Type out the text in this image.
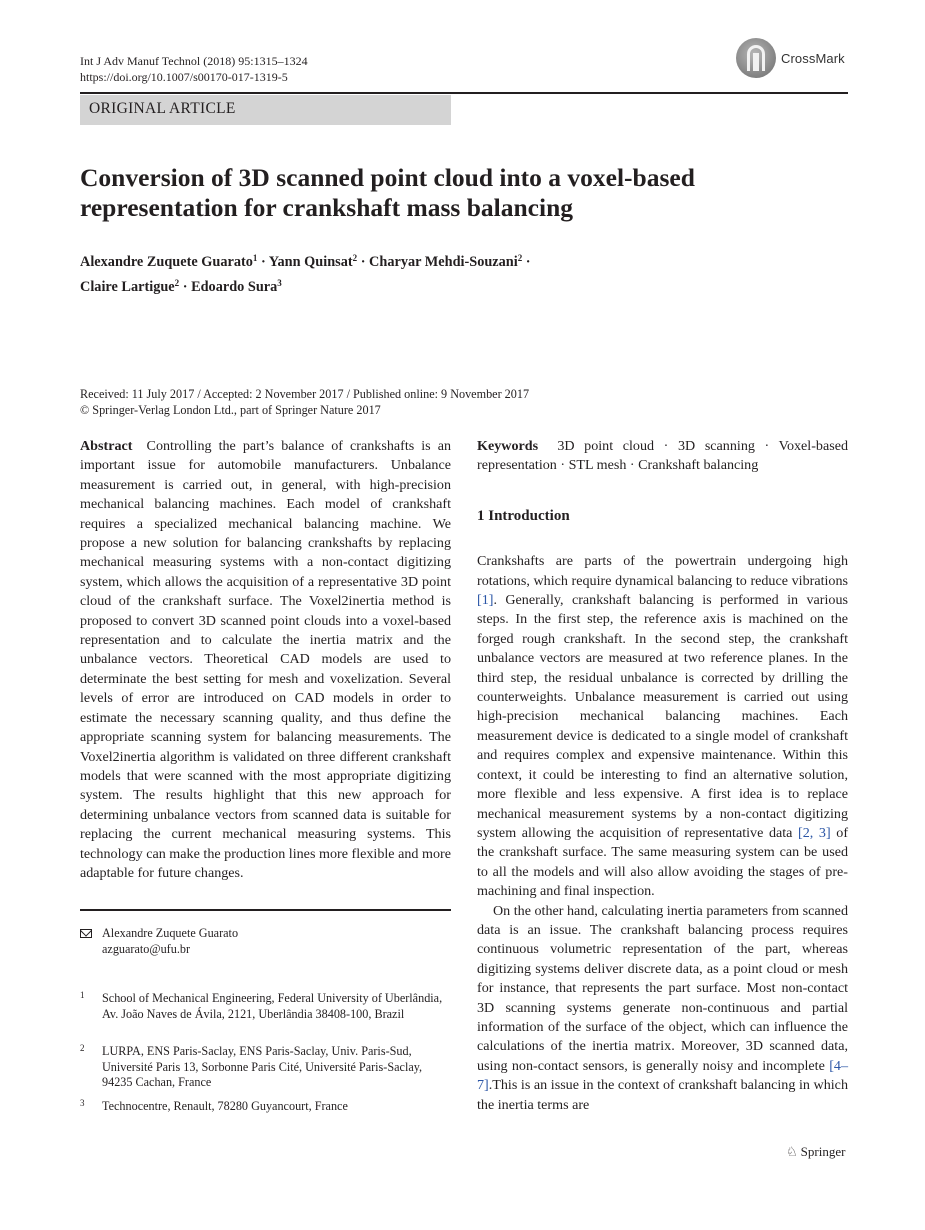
Int J Adv Manuf Technol (2018) 95:1315–1324
https://doi.org/10.1007/s00170-017-1319-5
CrossMark
ORIGINAL ARTICLE
Conversion of 3D scanned point cloud into a voxel-based representation for crankshaft mass balancing
Alexandre Zuquete Guarato$^1$ · Yann Quinsat$^2$ · Charyar Mehdi-Souzani$^2$ ·
Claire Lartigue$^2$ · Edoardo Sura$^3$
Received: 11 July 2017 / Accepted: 2 November 2017 / Published online: 9 November 2017
© Springer-Verlag London Ltd., part of Springer Nature 2017

Abstract Controlling the part’s balance of crankshafts is an important issue for automobile manufacturers. Unbalance measurement is carried out, in general, with high-precision mechanical balancing machines. Each model of crankshaft requires a specialized mechanical balancing machine. We propose a new solution for balancing crankshafts by replacing mechanical measuring systems with a non-contact digitizing system, which allows the acquisition of a representative 3D point cloud of the crankshaft surface. The Voxel2inertia method is proposed to convert 3D scanned point clouds into a voxel-based representation and to calculate the inertia matrix and the unbalance vectors. Theoretical CAD models are used to determinate the best setting for mesh and voxelization. Several levels of error are introduced on CAD models in order to estimate the necessary scanning quality, and thus define the appropriate scanning system for balancing measurements. The Voxel2inertia algorithm is validated on three different crankshaft models that were scanned with the most appropriate digitizing system. The results highlight that this new approach for determining unbalance vectors from scanned data is suitable for replacing the current mechanical measuring systems. This technology can make the production lines more flexible and more adaptable for future changes.

Keywords 3D point cloud · 3D scanning · Voxel-based representation · STL mesh · Crankshaft balancing
1 Introduction

Crankshafts are parts of the powertrain undergoing high rotations, which require dynamical balancing to reduce vibrations [1]. Generally, crankshaft balancing is performed in various steps. In the first step, the reference axis is machined on the forged rough crankshaft. In the second step, the crankshaft unbalance vectors are measured at two reference planes. In the third step, the residual unbalance is corrected by drilling the counterweights. Unbalance measurement is carried out using high-precision mechanical balancing machines. Each measurement device is dedicated to a single model of crankshaft and requires complex and expensive maintenance. Within this context, it could be interesting to find an alternative solution, more flexible and less expensive. A first idea is to replace mechanical measurement systems by a non-contact digitizing system allowing the acquisition of representative data [2, 3] of the crankshaft surface. The same measuring system can be used to all the models and will also allow avoiding the stages of pre-machining and final inspection.

On the other hand, calculating inertia parameters from scanned data is an issue. The crankshaft balancing process requires continuous volumetric representation of the part, whereas digitizing systems deliver discrete data, as a point cloud or mesh for instance, that represents the part surface. Most non-contact 3D scanning systems generate non-continuous and partial information of the surface of the object, which can influence the calculations of the inertia matrix. Moreover, 3D scanned data, using non-contact sensors, is generally noisy and incomplete [4–7].This is an issue in the context of crankshaft balancing in which the inertia terms are

Alexandre Zuquete Guarato
azguarato@ufu.br
1 School of Mechanical Engineering, Federal University of Uberlândia, Av. João Naves de Ávila, 2121, Uberlândia 38408-100, Brazil
2 LURPA, ENS Paris-Saclay, ENS Paris-Saclay, Univ. Paris-Sud, Université Paris 13, Sorbonne Paris Cité, Université Paris-Saclay, 94235 Cachan, France
3 Technocentre, Renault, 78280 Guyancourt, France
♘ Springer
